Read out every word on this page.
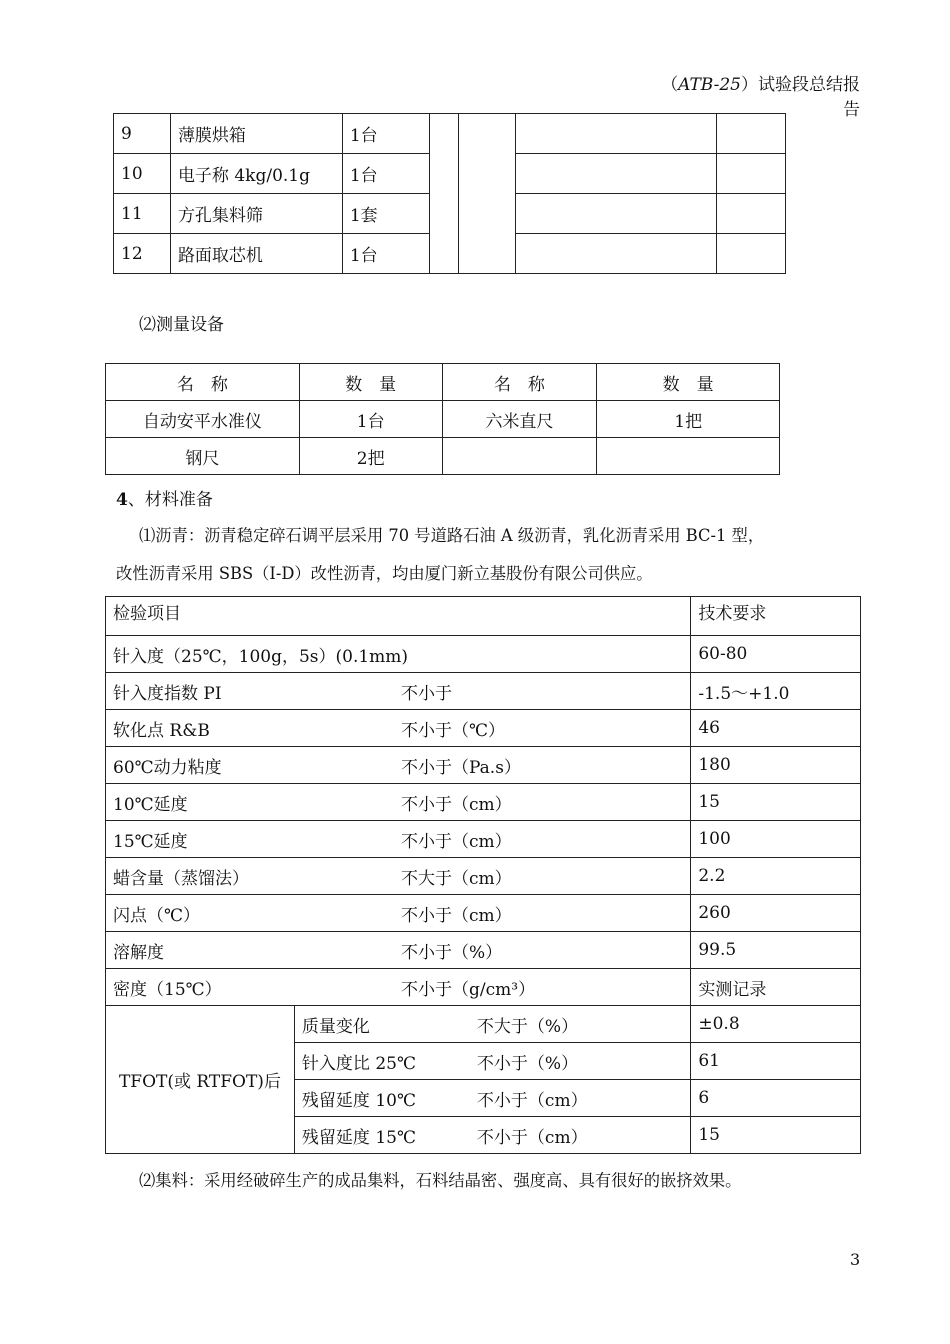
（ATB-25）试验段总结报告
9	薄膜烘箱	1台				
10	电子称 4kg/0.1g	1台				
11	方孔集料筛	1套				
12	路面取芯机	1台				
⑵测量设备
名　称	数　量	名　称	数　量
自动安平水准仪	1台	六米直尺	1把
钢尺	2把		
4、材料准备
⑴沥青：沥青稳定碎石调平层采用 70 号道路石油 A 级沥青，乳化沥青采用 BC-1 型，
改性沥青采用 SBS（I-D）改性沥青，均由厦门新立基股份有限公司供应。
检验项目		技术要求
针入度（25℃，100g，5s）(0.1mm)		60-80
针入度指数 PI 不小于		-1.5～+1.0
软化点 R&B 不小于（℃）		46
60℃动力粘度 不小于（Pa.s）		180
10℃延度 不小于（cm）		15
15℃延度 不小于（cm）		100
蜡含量（蒸馏法） 不大于（cm）		2.2
闪点（℃） 不小于（cm）		260
溶解度 不小于（%）		99.5
密度（15℃） 不小于（g/cm³）		实测记录
TFOT(或 RTFOT)后	质量变化 不大于（%）	±0.8
	针入度比 25℃ 不小于（%）	61
	残留延度 10℃ 不小于（cm）	6
	残留延度 15℃ 不小于（cm）	15
⑵集料：采用经破碎生产的成品集料，石料结晶密、强度高、具有很好的嵌挤效果。
3
